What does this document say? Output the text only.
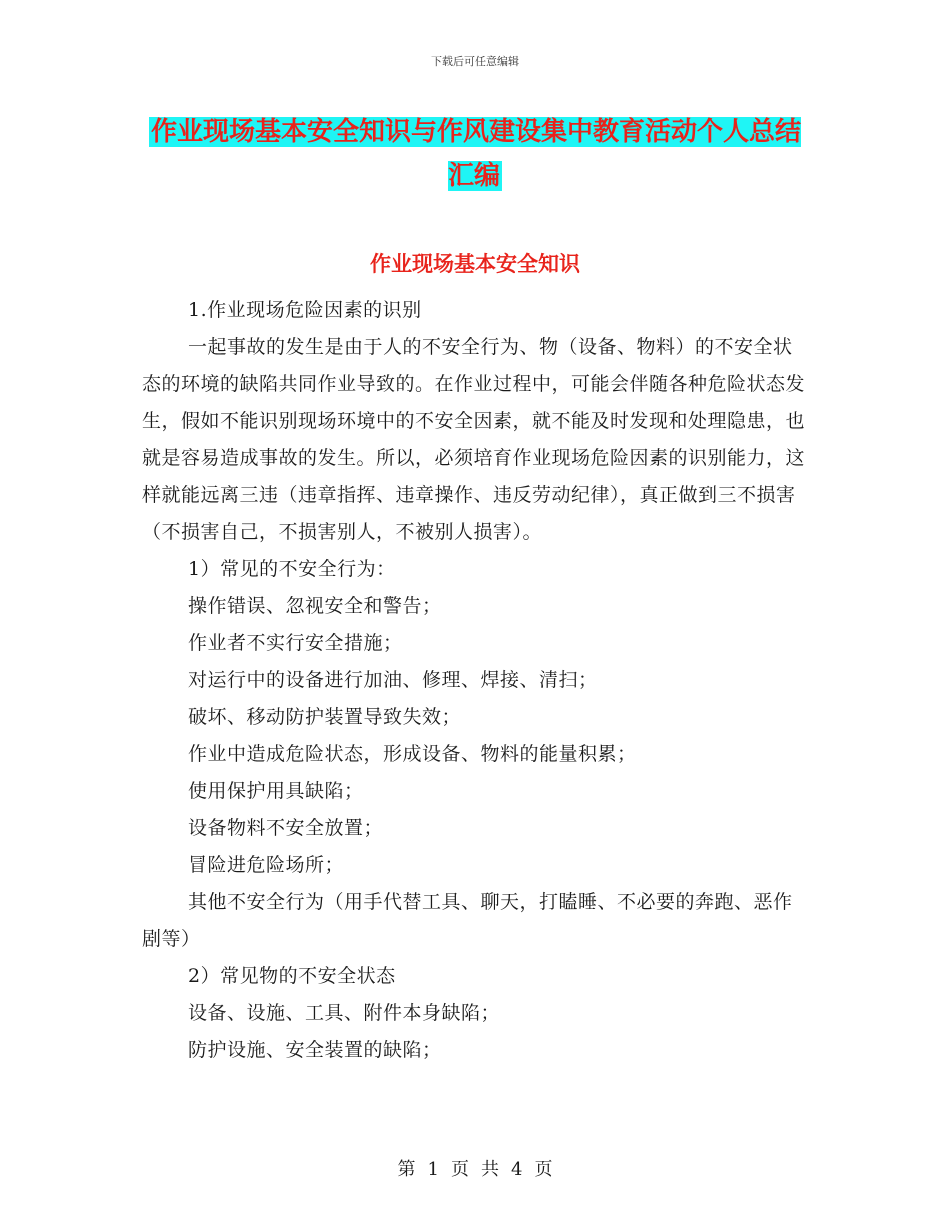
下载后可任意编辑
作业现场基本安全知识与作风建设集中教育活动个人总结汇编
作业现场基本安全知识

1.作业现场危险因素的识别

一起事故的发生是由于人的不安全行为、物（设备、物料）的不安全状态的环境的缺陷共同作业导致的。在作业过程中，可能会伴随各种危险状态发生，假如不能识别现场环境中的不安全因素，就不能及时发现和处理隐患，也就是容易造成事故的发生。所以，必须培育作业现场危险因素的识别能力，这样就能远离三违（违章指挥、违章操作、违反劳动纪律），真正做到三不损害（不损害自己，不损害别人，不被别人损害）。

1）常见的不安全行为：

操作错误、忽视安全和警告；

作业者不实行安全措施；

对运行中的设备进行加油、修理、焊接、清扫；

破坏、移动防护装置导致失效；

作业中造成危险状态，形成设备、物料的能量积累；

使用保护用具缺陷；

设备物料不安全放置；

冒险进危险场所；

其他不安全行为（用手代替工具、聊天，打瞌睡、不必要的奔跑、恶作剧等）

2）常见物的不安全状态

设备、设施、工具、附件本身缺陷；

防护设施、安全装置的缺陷；

第 1 页 共 4 页
